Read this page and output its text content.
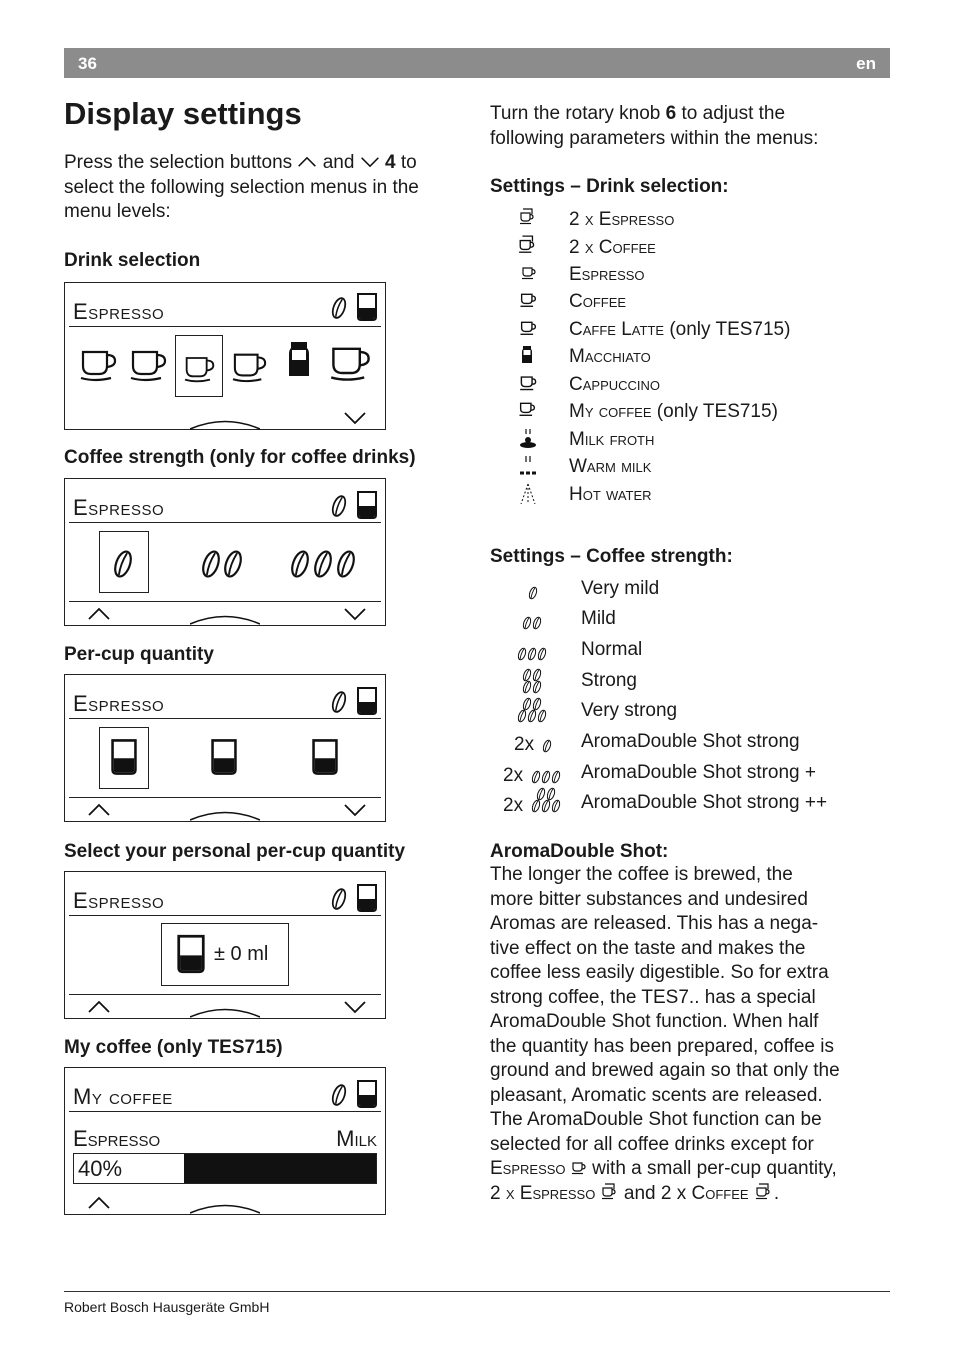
36	en
Display settings
Press the selection buttons and 4 to
select the following selection menus in the
menu levels:
Drink selection
Espresso
Coffee strength (only for coffee drinks)
Espresso
Per-cup quantity
Espresso
Select your personal per-cup quantity
Espresso
± 0 ml
My coffee (only TES715)
My coffee
Espresso	Milk
40%
Turn the rotary knob 6 to adjust the
following parameters within the menus:
Settings – Drink selection:
2 x Espresso
2 x Coffee
Espresso
Coffee
Caffe Latte (only TES715)
Macchiato
Cappuccino
My coffee (only TES715)
Milk froth
Warm milk
Hot water
Settings – Coffee strength:
Very mild
Mild
Normal
Strong
Very strong
2x AromaDouble Shot strong
2x	AromaDouble Shot strong +
2x	AromaDouble Shot strong ++
AromaDouble Shot:
The longer the coffee is brewed, the
more bitter substances and undesired
Aromas are released. This has a nega-
tive effect on the taste and makes the
coffee less easily digestible. So for extra
strong coffee, the TES7.. has a special
AromaDouble Shot function. When half
the quantity has been prepared, coffee is
ground and brewed again so that only the
pleasant, Aromatic scents are released.
The AromaDouble Shot function can be
selected for all coffee drinks except for
Espresso with a small per-cup quantity,
2 x Espresso and 2 x Coffee .
Robert Bosch Hausgeräte GmbH
